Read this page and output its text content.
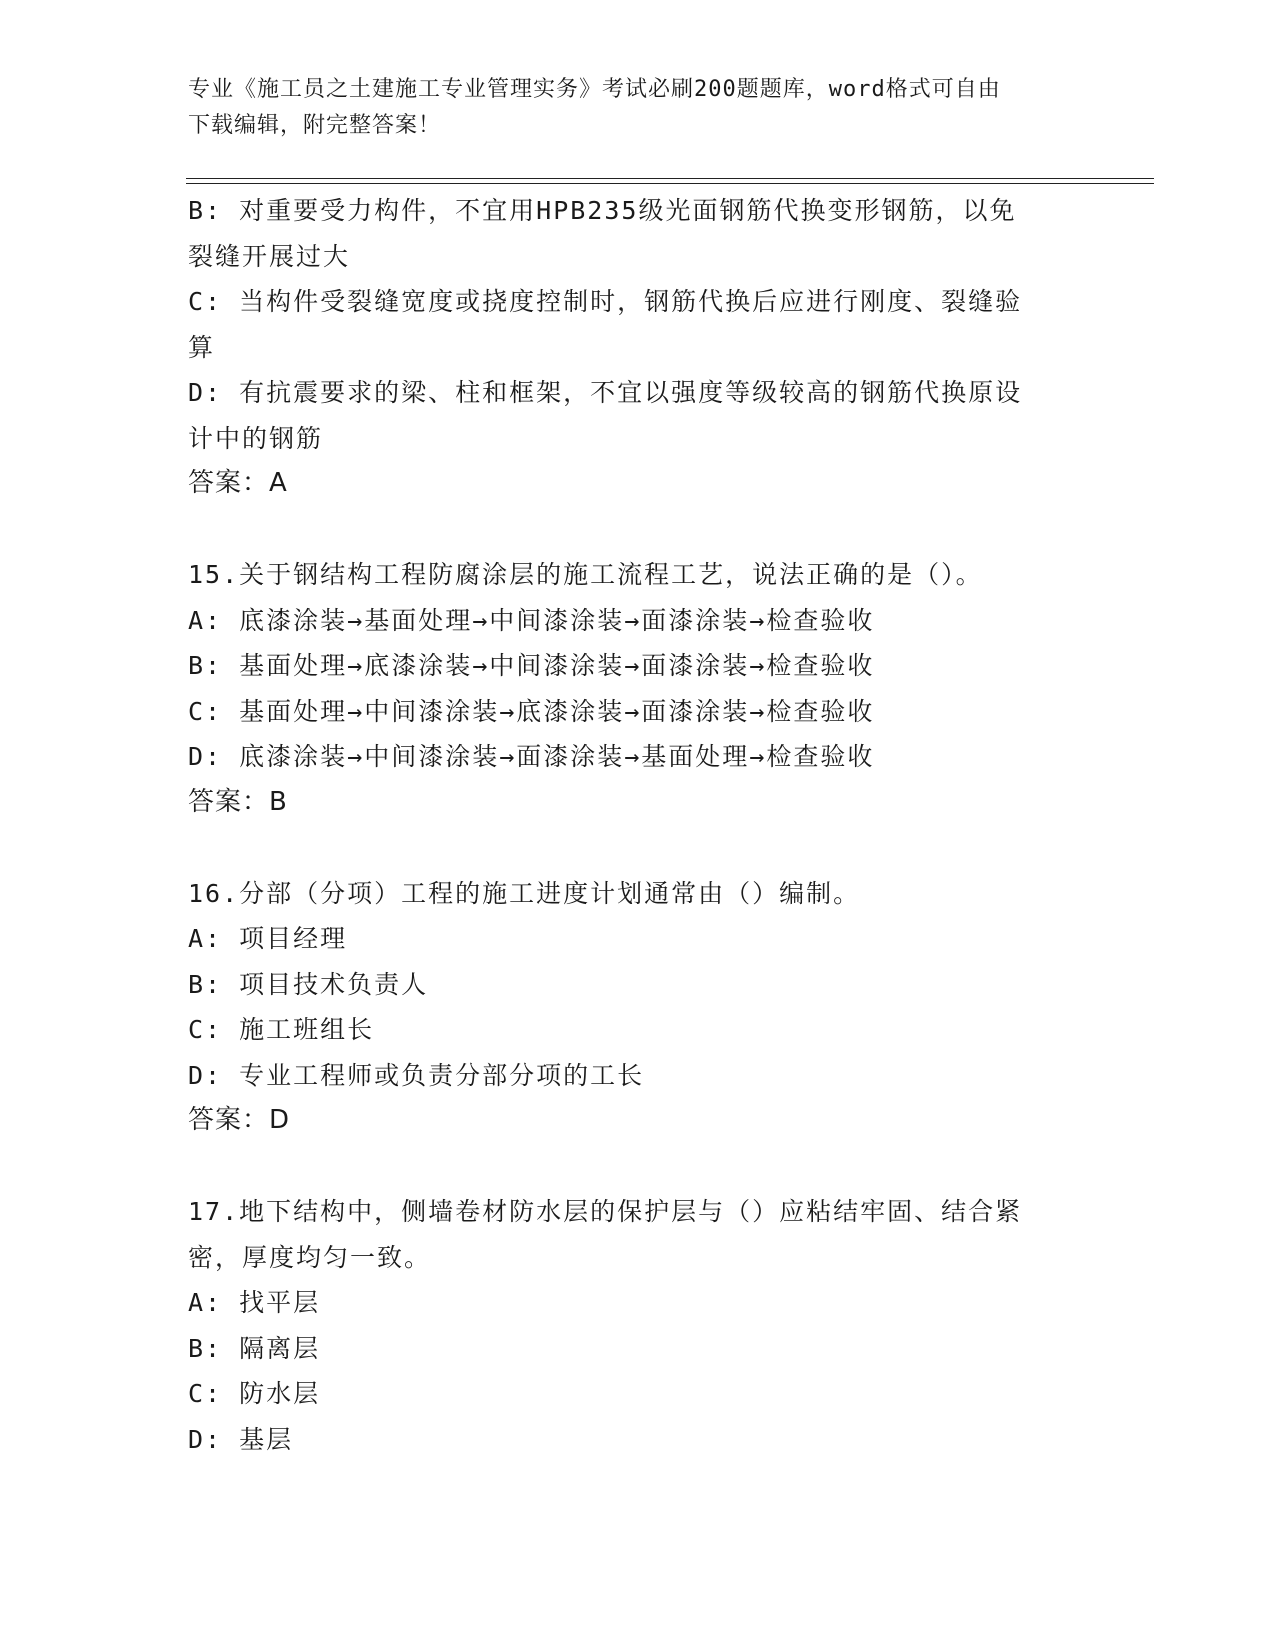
专业《施工员之土建施工专业管理实务》考试必刷200题题库，word格式可自由
下载编辑，附完整答案！
B: 对重要受力构件，不宜用HPB235级光面钢筋代换变形钢筋，以免
裂缝开展过大
C: 当构件受裂缝宽度或挠度控制时，钢筋代换后应进行刚度、裂缝验
算
D: 有抗震要求的梁、柱和框架，不宜以强度等级较高的钢筋代换原设
计中的钢筋
答案：A
15.关于钢结构工程防腐涂层的施工流程工艺，说法正确的是（）。
A: 底漆涂装→基面处理→中间漆涂装→面漆涂装→检查验收
B: 基面处理→底漆涂装→中间漆涂装→面漆涂装→检查验收
C: 基面处理→中间漆涂装→底漆涂装→面漆涂装→检查验收
D: 底漆涂装→中间漆涂装→面漆涂装→基面处理→检查验收
答案：B
16.分部（分项）工程的施工进度计划通常由（）编制。
A: 项目经理
B: 项目技术负责人
C: 施工班组长
D: 专业工程师或负责分部分项的工长
答案：D
17.地下结构中，侧墙卷材防水层的保护层与（）应粘结牢固、结合紧
密，厚度均匀一致。
A: 找平层
B: 隔离层
C: 防水层
D: 基层
